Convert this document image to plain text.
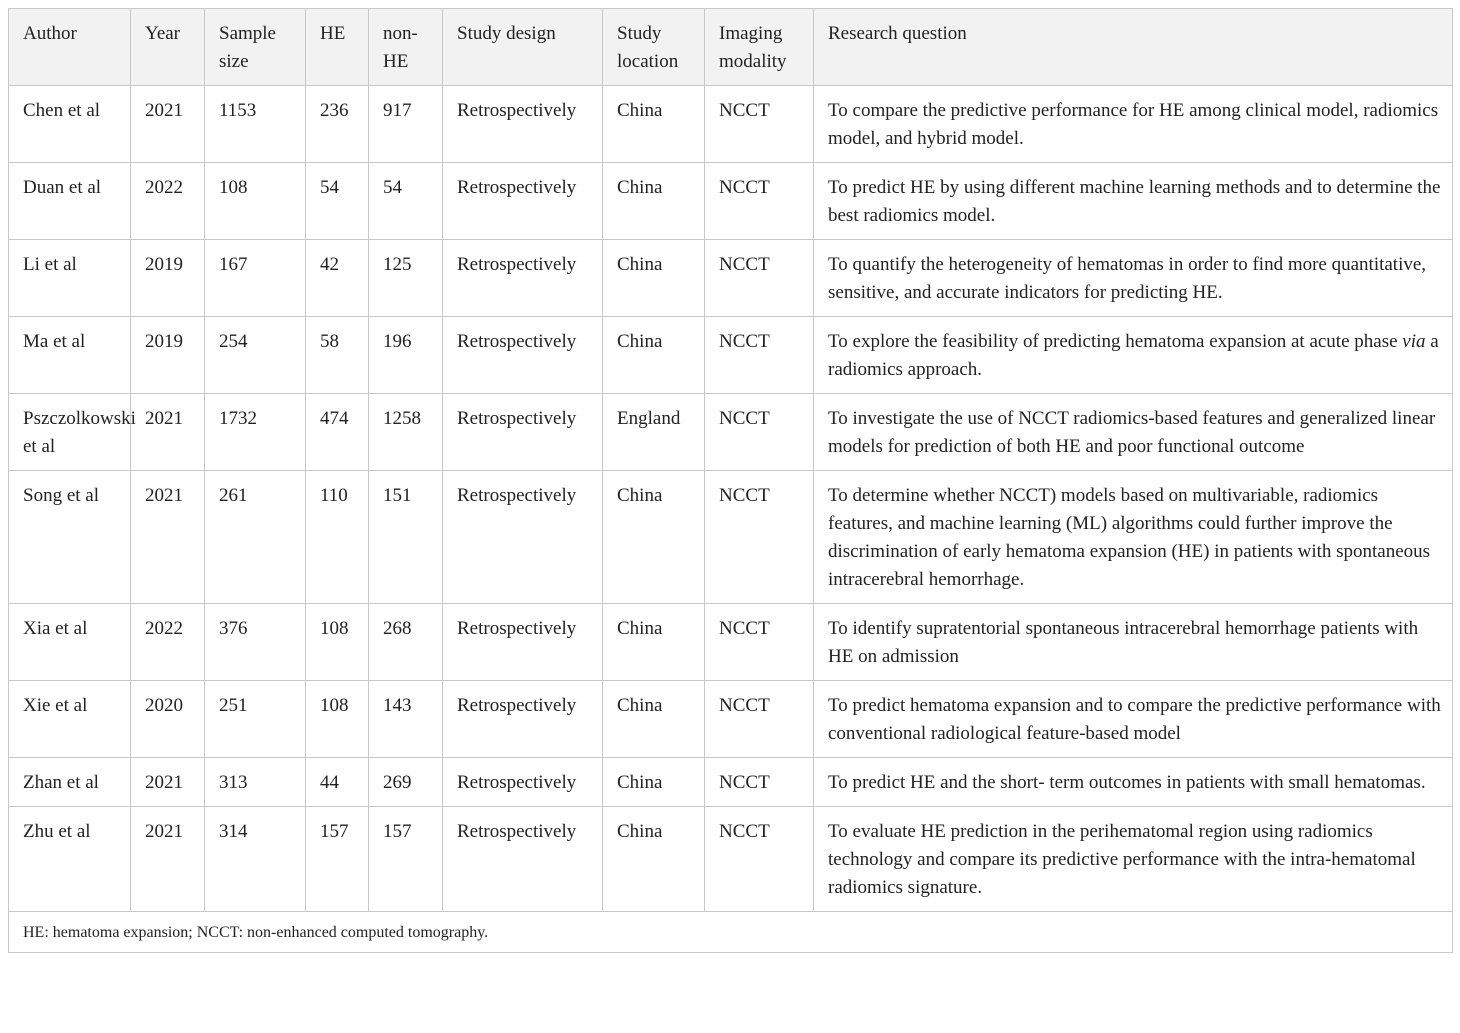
Author	Year	Sample size	HE	non-HE	Study design	Study location	Imaging modality	Research question
Chen et al	2021	1153	236	917	Retrospectively	China	NCCT	To compare the predictive performance for HE among clinical model, radiomics model, and hybrid model.
Duan et al	2022	108	54	54	Retrospectively	China	NCCT	To predict HE by using different machine learning methods and to determine the best radiomics model.
Li et al	2019	167	42	125	Retrospectively	China	NCCT	To quantify the heterogeneity of hematomas in order to find more quantitative, sensitive, and accurate indicators for predicting HE.
Ma et al	2019	254	58	196	Retrospectively	China	NCCT	To explore the feasibility of predicting hematoma expansion at acute phase via a radiomics approach.
Pszczolkowski et al	2021	1732	474	1258	Retrospectively	England	NCCT	To investigate the use of NCCT radiomics-based features and generalized linear models for prediction of both HE and poor functional outcome
Song et al	2021	261	110	151	Retrospectively	China	NCCT	To determine whether NCCT) models based on multivariable, radiomics features, and machine learning (ML) algorithms could further improve the discrimination of early hematoma expansion (HE) in patients with spontaneous intracerebral hemorrhage.
Xia et al	2022	376	108	268	Retrospectively	China	NCCT	To identify supratentorial spontaneous intracerebral hemorrhage patients with HE on admission
Xie et al	2020	251	108	143	Retrospectively	China	NCCT	To predict hematoma expansion and to compare the predictive performance with conventional radiological feature-based model
Zhan et al	2021	313	44	269	Retrospectively	China	NCCT	To predict HE and the short- term outcomes in patients with small hematomas.
Zhu et al	2021	314	157	157	Retrospectively	China	NCCT	To evaluate HE prediction in the perihematomal region using radiomics technology and compare its predictive performance with the intra-hematomal radiomics signature.
HE: hematoma expansion; NCCT: non-enhanced computed tomography.								
